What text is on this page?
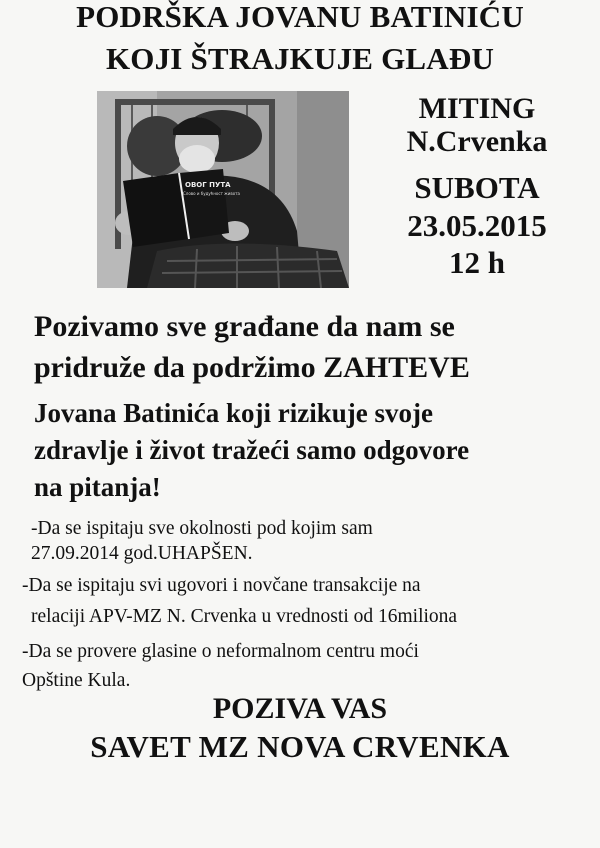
PODRŠKA JOVANU BATINIĆU
KOJI ŠTRAJKUJE GLAĐU
ОВОГ ПУТА
Слово и будућност живота
MITING
N.Crvenka
SUBOTA
23.05.2015
12 h
Pozivamo sve građane da nam se
pridruže da podržimo ZAHTEVE
Jovana Batinića koji rizikuje svoje
zdravlje i život tražeći samo odgovore
na pitanja!
-Da se ispitaju sve okolnosti pod kojim sam
27.09.2014 god.UHAPŠEN.
-Da se ispitaju svi ugovori i novčane transakcije na
relaciji APV-MZ N. Crvenka u vrednosti od 16miliona
-Da se provere glasine o neformalnom centru moći
Opštine Kula.
POZIVA VAS
SAVET MZ NOVA CRVENKA
